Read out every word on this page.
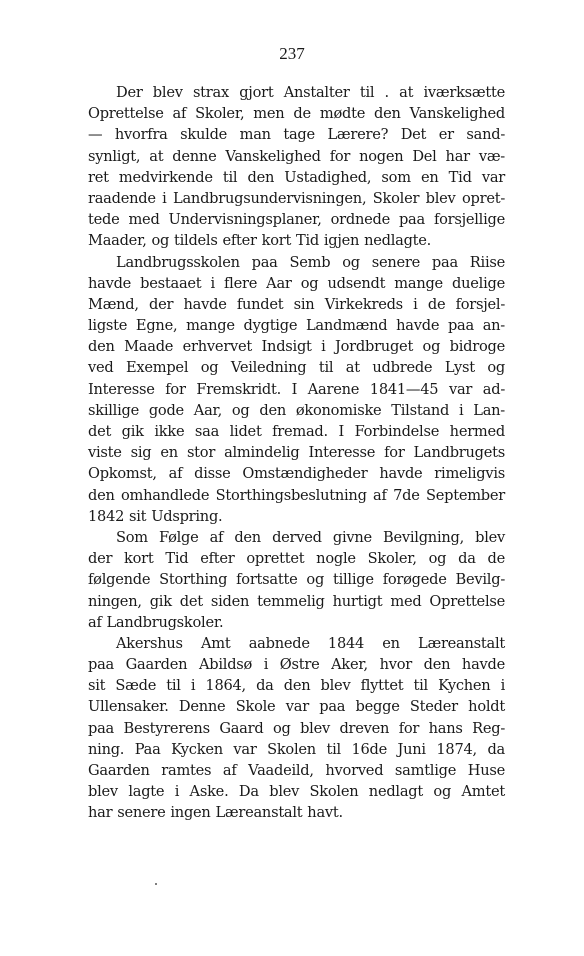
237
Der blev strax gjort Anstalter til . at iværksætte
Oprettelse af Skoler, men de mødte den Vanskelighed
— hvorfra skulde man tage Lærere? Det er sand-
synligt, at denne Vanskelighed for nogen Del har væ-
ret medvirkende til den Ustadighed, som en Tid var
raadende i Landbrugsundervisningen, Skoler blev opret-
tede med Undervisningsplaner, ordnede paa forsjellige
Maader, og tildels efter kort Tid igjen nedlagte.
Landbrugsskolen paa Semb og senere paa Riise
havde bestaaet i flere Aar og udsendt mange duelige
Mænd, der havde fundet sin Virkekreds i de forsjel-
ligste Egne, mange dygtige Landmænd havde paa an-
den Maade erhvervet Indsigt i Jordbruget og bidroge
ved Exempel og Veiledning til at udbrede Lyst og
Interesse for Fremskridt. I Aarene 1841—45 var ad-
skillige gode Aar, og den økonomiske Tilstand i Lan-
det gik ikke saa lidet fremad. I Forbindelse hermed
viste sig en stor almindelig Interesse for Landbrugets
Opkomst, af disse Omstændigheder havde rimeligvis
den omhandlede Storthingsbeslutning af 7de September
1842 sit Udspring.
Som Følge af den derved givne Bevilgning, blev
der kort Tid efter oprettet nogle Skoler, og da de
følgende Storthing fortsatte og tillige forøgede Bevilg-
ningen, gik det siden temmelig hurtigt med Oprettelse
af Landbrugskoler.
Akershus Amt aabnede 1844 en Læreanstalt
paa Gaarden Abildsø i Østre Aker, hvor den havde
sit Sæde til i 1864, da den blev flyttet til Kychen i
Ullensaker. Denne Skole var paa begge Steder holdt
paa Bestyrerens Gaard og blev dreven for hans Reg-
ning. Paa Kycken var Skolen til 16de Juni 1874, da
Gaarden ramtes af Vaadeild, hvorved samtlige Huse
blev lagte i Aske. Da blev Skolen nedlagt og Amtet
har senere ingen Læreanstalt havt.
